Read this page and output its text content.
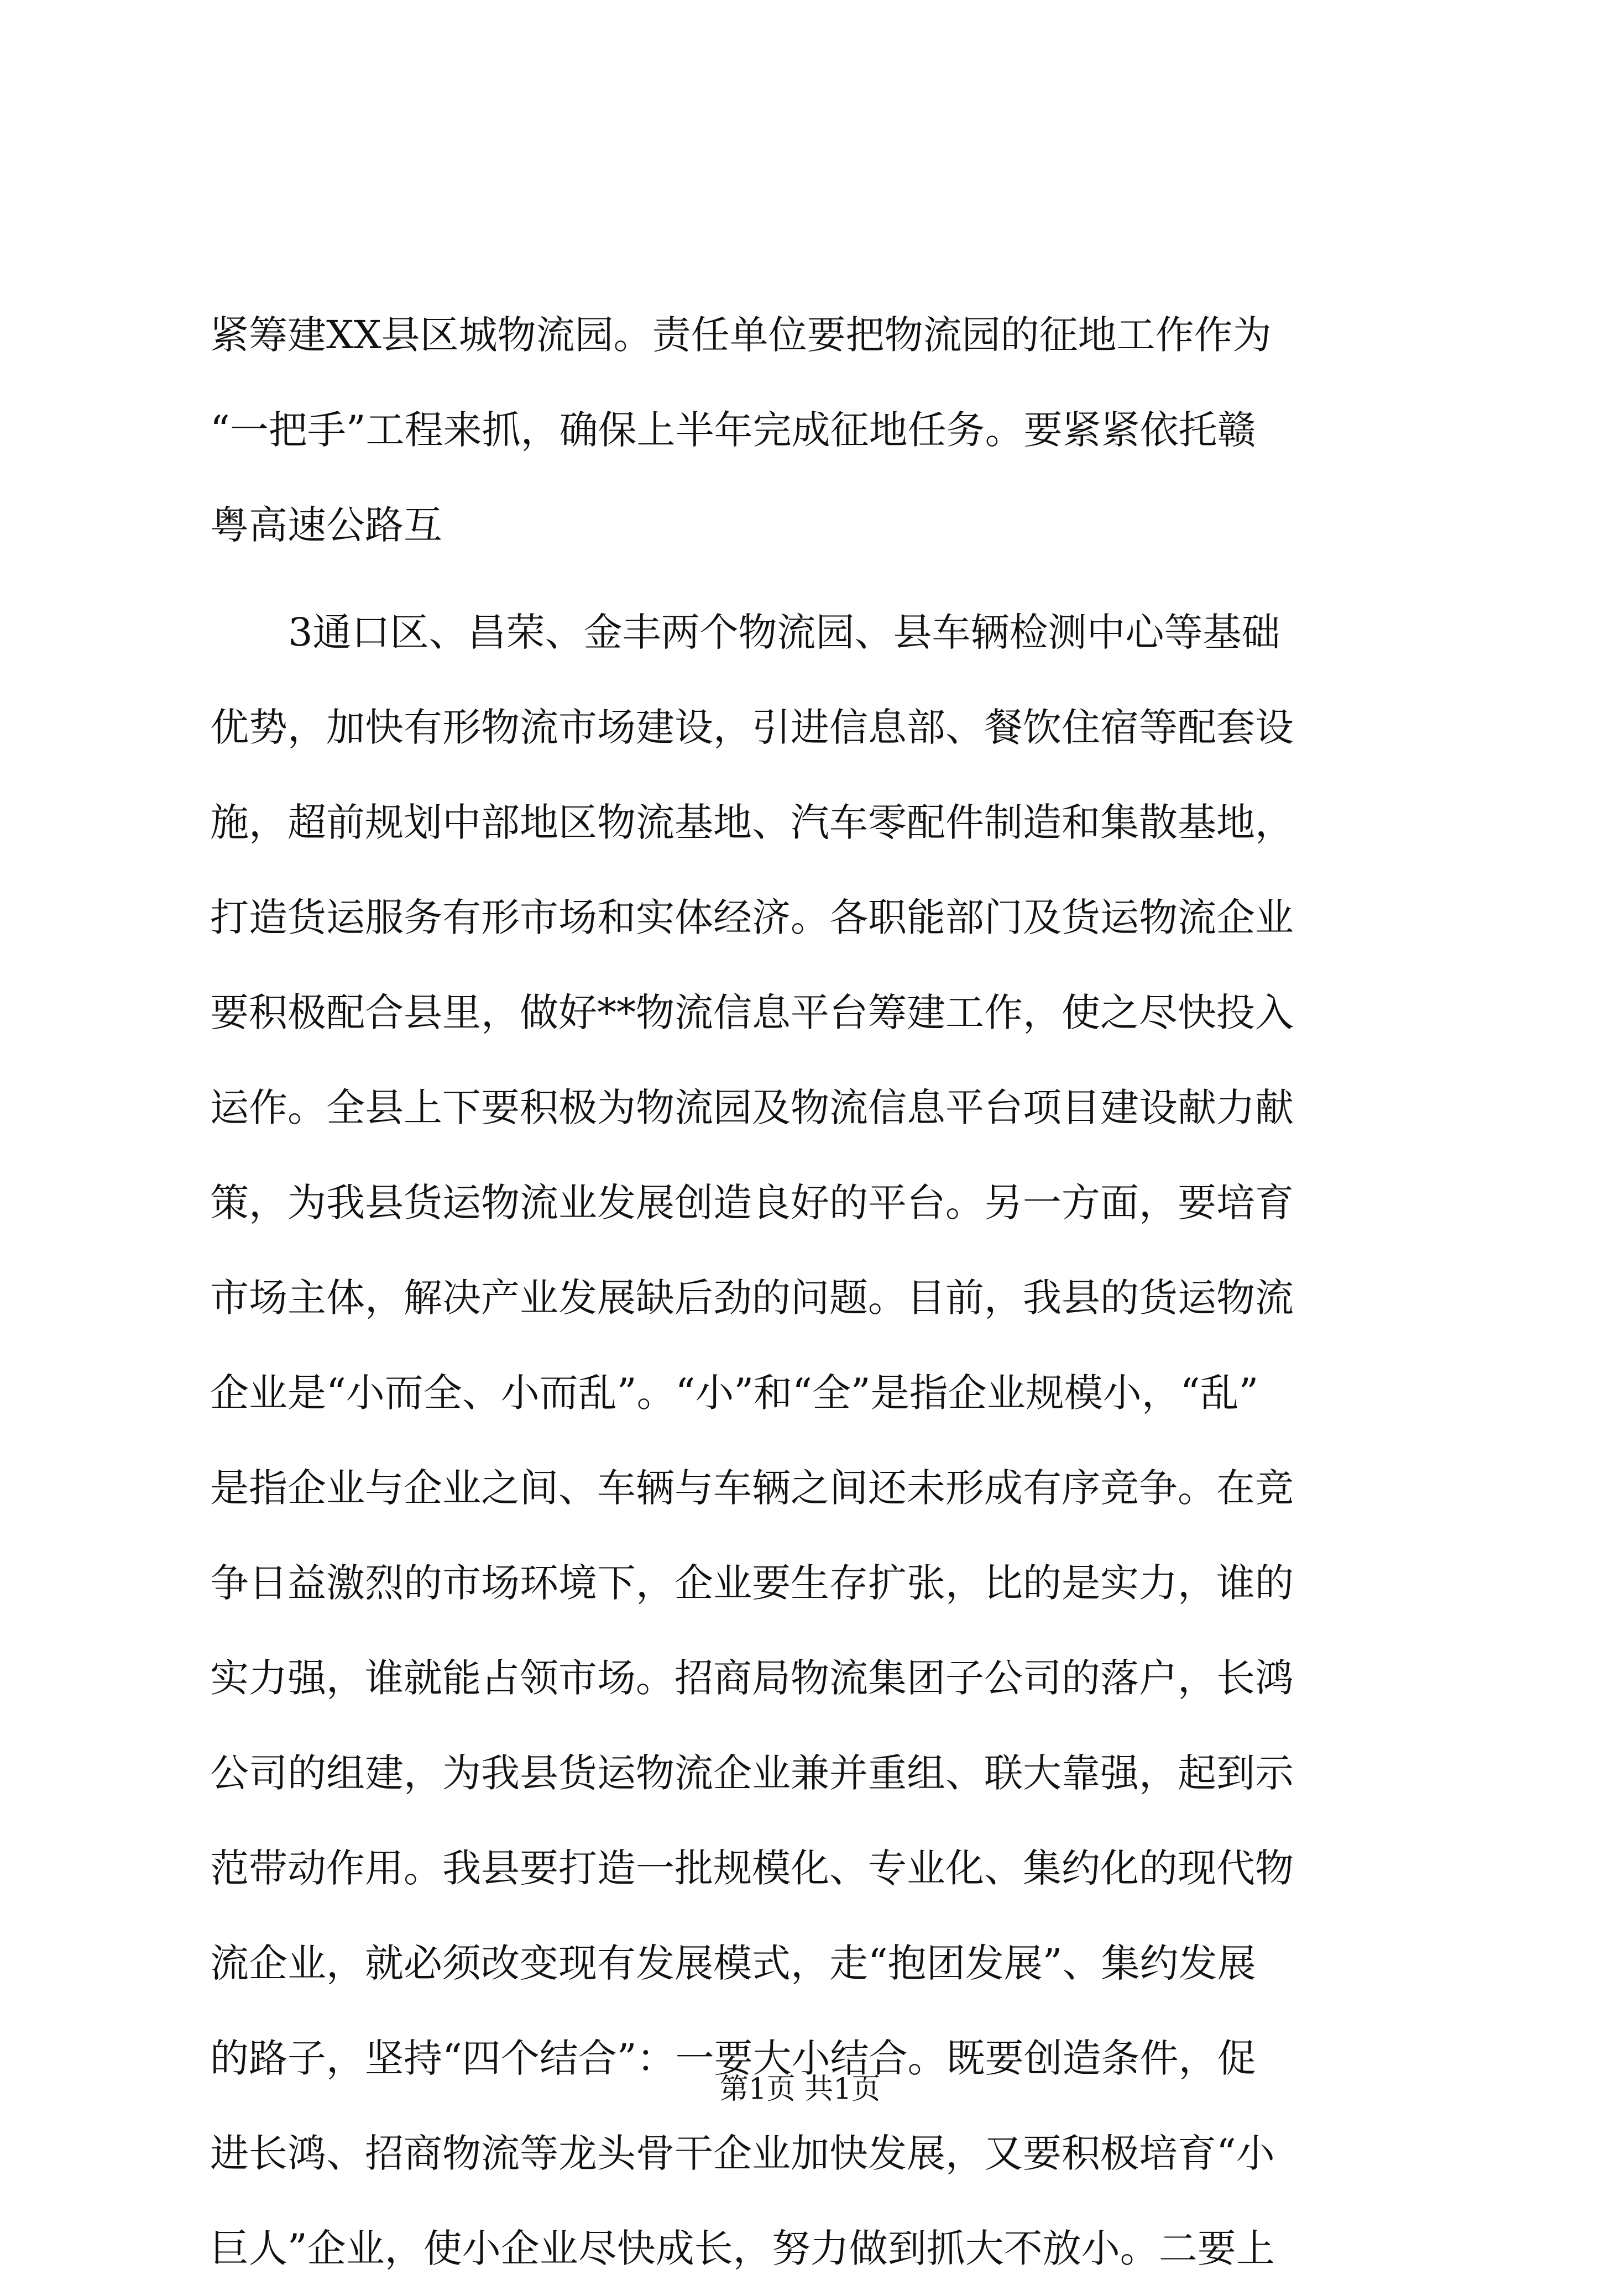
紧筹建XX县区城物流园。责任单位要把物流园的征地工作作为
“一把手”工程来抓，确保上半年完成征地任务。要紧紧依托赣
粤高速公路互
3通口区、昌荣、金丰两个物流园、县车辆检测中心等基础
优势，加快有形物流市场建设，引进信息部、餐饮住宿等配套设
施，超前规划中部地区物流基地、汽车零配件制造和集散基地，
打造货运服务有形市场和实体经济。各职能部门及货运物流企业
要积极配合县里，做好**物流信息平台筹建工作，使之尽快投入
运作。全县上下要积极为物流园及物流信息平台项目建设献力献
策，为我县货运物流业发展创造良好的平台。另一方面，要培育
市场主体，解决产业发展缺后劲的问题。目前，我县的货运物流
企业是“小而全、小而乱”。“小”和“全”是指企业规模小，“乱”
是指企业与企业之间、车辆与车辆之间还未形成有序竞争。在竞
争日益激烈的市场环境下，企业要生存扩张，比的是实力，谁的
实力强，谁就能占领市场。招商局物流集团子公司的落户，长鸿
公司的组建，为我县货运物流企业兼并重组、联大靠强，起到示
范带动作用。我县要打造一批规模化、专业化、集约化的现代物
流企业，就必须改变现有发展模式，走“抱团发展”、集约发展
的路子，坚持“四个结合”：一要大小结合。既要创造条件，促
进长鸿、招商物流等龙头骨干企业加快发展，又要积极培育“小
巨人”企业，使小企业尽快成长，努力做到抓大不放小。二要上
第1页 共1页
